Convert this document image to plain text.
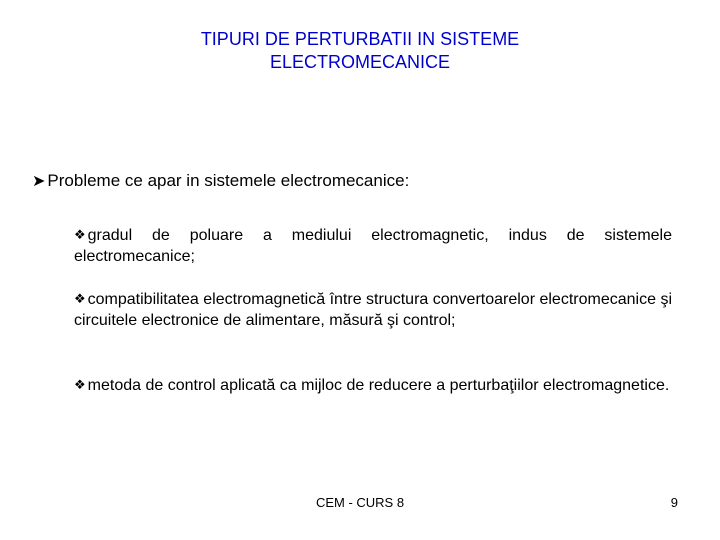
TIPURI DE PERTURBATII IN SISTEME
ELECTROMECANICE
➤ Probleme ce apar in sistemele electromecanice:
❖ gradul de poluare a mediului electromagnetic, indus de sistemele electromecanice;
❖ compatibilitatea electromagnetică între structura convertoarelor electromecanice şi circuitele electronice de alimentare, măsură şi control;
❖ metoda de control aplicată ca mijloc de reducere a perturbaţiilor electromagnetice.
CEM - CURS 8	9
